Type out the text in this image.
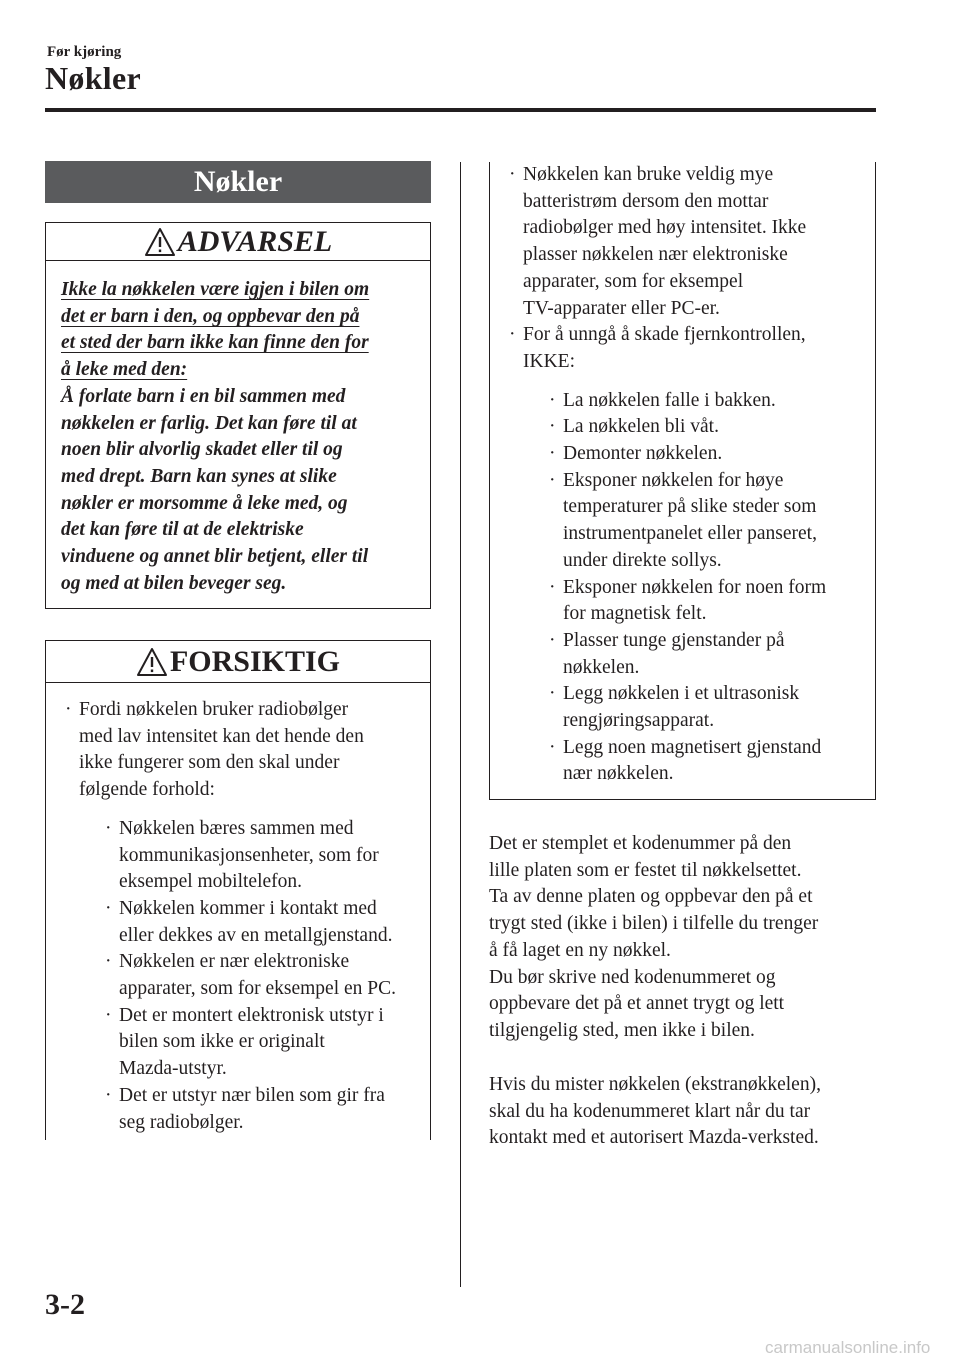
Før kjøring
Nøkler
Nøkler
ADVARSEL
Ikke la nøkkelen være igjen i bilen om
det er barn i den, og oppbevar den på
et sted der barn ikke kan finne den for
å leke med den:
Å forlate barn i en bil sammen med
nøkkelen er farlig. Det kan føre til at
noen blir alvorlig skadet eller til og
med drept. Barn kan synes at slike
nøkler er morsomme å leke med, og
det kan føre til at de elektriske
vinduene og annet blir betjent, eller til
og med at bilen beveger seg.
FORSIKTIG
· Fordi nøkkelen bruker radiobølger
med lav intensitet kan det hende den
ikke fungerer som den skal under
følgende forhold:
· Nøkkelen bæres sammen med
kommunikasjonsenheter, som for
eksempel mobiltelefon.
· Nøkkelen kommer i kontakt med
eller dekkes av en metallgjenstand.
· Nøkkelen er nær elektroniske
apparater, som for eksempel en PC.
· Det er montert elektronisk utstyr i
bilen som ikke er originalt
Mazda-utstyr.
· Det er utstyr nær bilen som gir fra
seg radiobølger.
· Nøkkelen kan bruke veldig mye
batteristrøm dersom den mottar
radiobølger med høy intensitet. Ikke
plasser nøkkelen nær elektroniske
apparater, som for eksempel
TV-apparater eller PC-er.
· For å unngå å skade fjernkontrollen,
IKKE:
· La nøkkelen falle i bakken.
· La nøkkelen bli våt.
· Demonter nøkkelen.
· Eksponer nøkkelen for høye
temperaturer på slike steder som
instrumentpanelet eller panseret,
under direkte sollys.
· Eksponer nøkkelen for noen form
for magnetisk felt.
· Plasser tunge gjenstander på
nøkkelen.
· Legg nøkkelen i et ultrasonisk
rengjøringsapparat.
· Legg noen magnetisert gjenstand
nær nøkkelen.
Det er stemplet et kodenummer på den
lille platen som er festet til nøkkelsettet.
Ta av denne platen og oppbevar den på et
trygt sted (ikke i bilen) i tilfelle du trenger
å få laget en ny nøkkel.
Du bør skrive ned kodenummeret og
oppbevare det på et annet trygt og lett
tilgjengelig sted, men ikke i bilen.
Hvis du mister nøkkelen (ekstranøkkelen),
skal du ha kodenummeret klart når du tar
kontakt med et autorisert Mazda-verksted.
3-2
carmanualsonline.info
